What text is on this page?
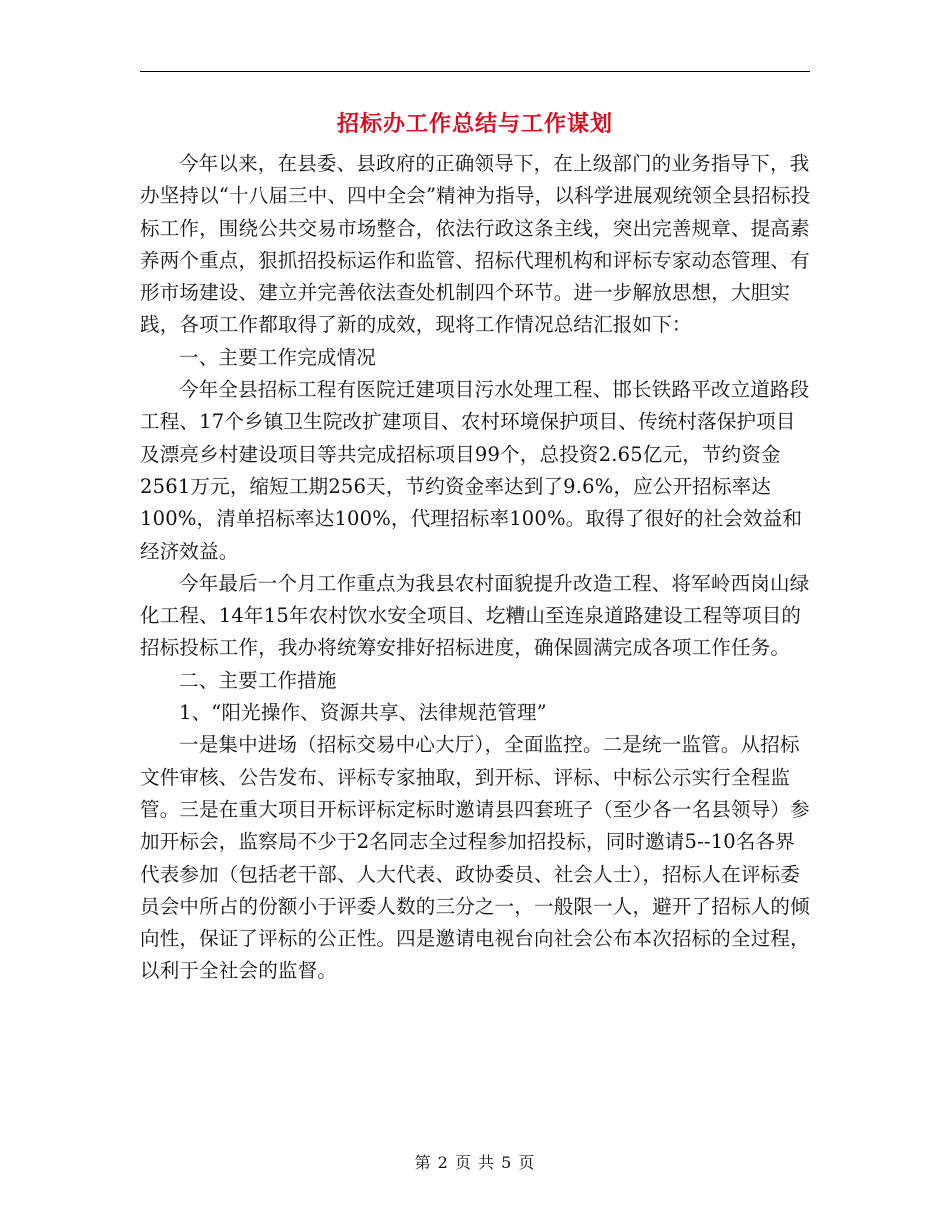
招标办工作总结与工作谋划

今年以来，在县委、县政府的正确领导下，在上级部门的业务指导下，我办坚持以“十八届三中、四中全会”精神为指导，以科学进展观统领全县招标投标工作，围绕公共交易市场整合，依法行政这条主线，突出完善规章、提高素养两个重点，狠抓招投标运作和监管、招标代理机构和评标专家动态管理、有形市场建设、建立并完善依法查处机制四个环节。进一步解放思想，大胆实践，各项工作都取得了新的成效，现将工作情况总结汇报如下：

一、主要工作完成情况

今年全县招标工程有医院迁建项目污水处理工程、邯长铁路平改立道路段工程、17个乡镇卫生院改扩建项目、农村环境保护项目、传统村落保护项目及漂亮乡村建设项目等共完成招标项目99个，总投资2.65亿元，节约资金2561万元，缩短工期256天，节约资金率达到了9.6%，应公开招标率达100%，清单招标率达100%，代理招标率100%。取得了很好的社会效益和经济效益。

今年最后一个月工作重点为我县农村面貌提升改造工程、将军岭西岗山绿化工程、14年15年农村饮水安全项目、圪糟山至连泉道路建设工程等项目的招标投标工作，我办将统筹安排好招标进度，确保圆满完成各项工作任务。

二、主要工作措施

1、“阳光操作、资源共享、法律规范管理”

一是集中进场（招标交易中心大厅），全面监控。二是统一监管。从招标文件审核、公告发布、评标专家抽取，到开标、评标、中标公示实行全程监管。三是在重大项目开标评标定标时邀请县四套班子（至少各一名县领导）参加开标会，监察局不少于2名同志全过程参加招投标，同时邀请5--10名各界代表参加（包括老干部、人大代表、政协委员、社会人士），招标人在评标委员会中所占的份额小于评委人数的三分之一，一般限一人，避开了招标人的倾向性，保证了评标的公正性。四是邀请电视台向社会公布本次招标的全过程，以利于全社会的监督。

第 2 页 共 5 页
